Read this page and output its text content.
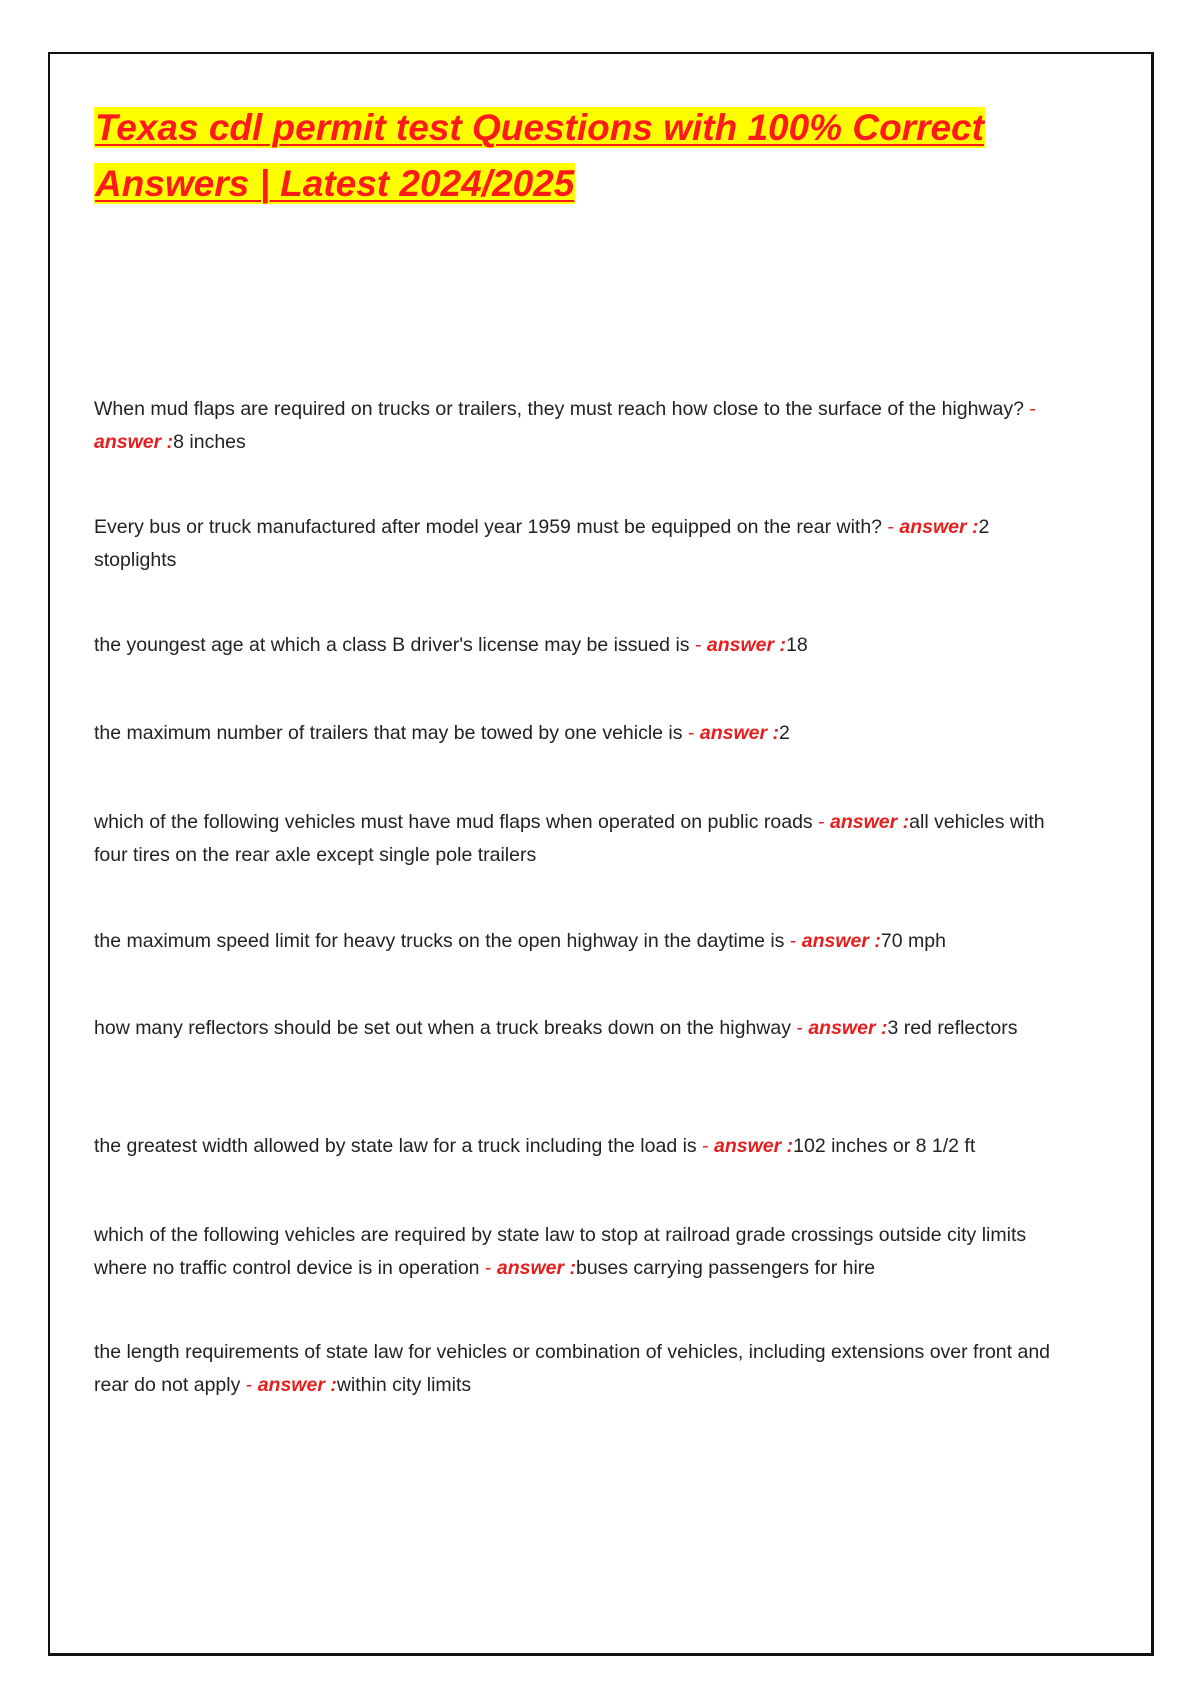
Texas cdl permit test Questions with 100% Correct Answers | Latest 2024/2025

When mud flaps are required on trucks or trailers, they must reach how close to the surface of the highway? - answer :8 inches

Every bus or truck manufactured after model year 1959 must be equipped on the rear with? - answer :2 stoplights

the youngest age at which a class B driver's license may be issued is - answer :18

the maximum number of trailers that may be towed by one vehicle is - answer :2

which of the following vehicles must have mud flaps when operated on public roads - answer :all vehicles with four tires on the rear axle except single pole trailers

the maximum speed limit for heavy trucks on the open highway in the daytime is - answer :70 mph

how many reflectors should be set out when a truck breaks down on the highway - answer :3 red reflectors

the greatest width allowed by state law for a truck including the load is - answer :102 inches or 8 1/2 ft

which of the following vehicles are required by state law to stop at railroad grade crossings outside city limits where no traffic control device is in operation - answer :buses carrying passengers for hire

the length requirements of state law for vehicles or combination of vehicles, including extensions over front and rear do not apply - answer :within city limits
